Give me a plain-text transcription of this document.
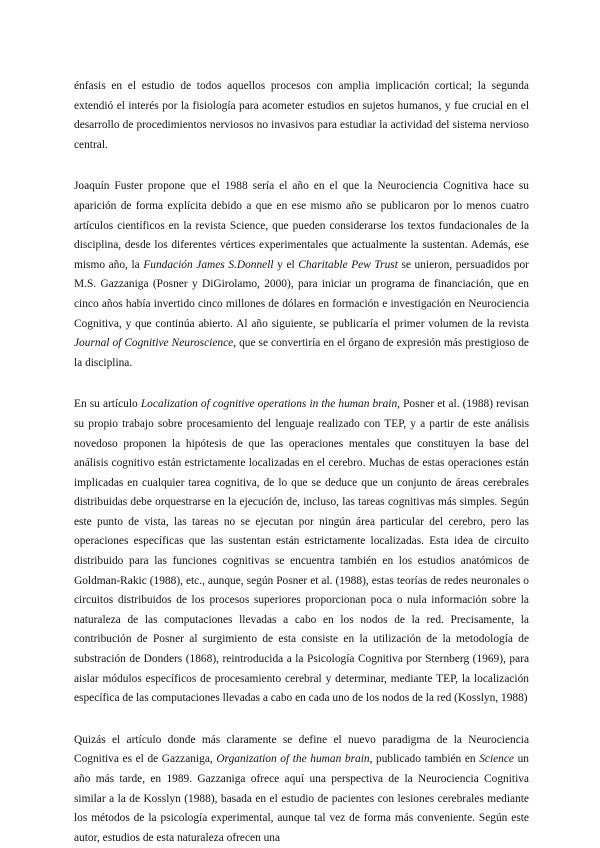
énfasis en el estudio de todos aquellos procesos con amplia implicación cortical; la segunda extendió el interés por la fisiología para acometer estudios en sujetos humanos, y fue crucial en el desarrollo de procedimientos nerviosos no invasivos para estudiar la actividad del sistema nervioso central.

Joaquín Fuster propone que el 1988 sería el año en el que la Neurociencia Cognitiva hace su aparición de forma explícita debido a que en ese mismo año se publicaron por lo menos cuatro artículos científicos en la revista Science, que pueden considerarse los textos fundacionales de la disciplina, desde los diferentes vértices experimentales que actualmente la sustentan. Además, ese mismo año, la Fundación James S.Donnell y el Charitable Pew Trust se unieron, persuadidos por M.S. Gazzaniga (Posner y DiGirolamo, 2000), para iniciar un programa de financiación, que en cinco años había invertido cinco millones de dólares en formación e investigación en Neurociencia Cognitiva, y que continúa abierto. Al año siguiente, se publicaría el primer volumen de la revista Journal of Cognitive Neuroscience, que se convertiría en el órgano de expresión más prestigioso de la disciplina.

En su artículo Localization of cognitive operations in the human brain, Posner et al. (1988) revisan su propio trabajo sobre procesamiento del lenguaje realizado con TEP, y a partir de este análisis novedoso proponen la hipótesis de que las operaciones mentales que constituyen la base del análisis cognitivo están estrictamente localizadas en el cerebro. Muchas de estas operaciones están implicadas en cualquier tarea cognitiva, de lo que se deduce que un conjunto de áreas cerebrales distribuidas debe orquestrarse en la ejecución de, incluso, las tareas cognitivas más simples. Según este punto de vista, las tareas no se ejecutan por ningún área particular del cerebro, pero las operaciones específicas que las sustentan están estrictamente localizadas. Esta idea de circuito distribuido para las funciones cognitivas se encuentra también en los estudios anatómicos de Goldman-Rakic (1988), etc., aunque, según Posner et al. (1988), estas teorías de redes neuronales o circuitos distribuidos de los procesos superiores proporcionan poca o nula información sobre la naturaleza de las computaciones llevadas a cabo en los nodos de la red. Precisamente, la contribución de Posner al surgimiento de esta consiste en la utilización de la metodología de substración de Donders (1868), reintroducida a la Psicología Cognitiva por Sternberg (1969), para aislar módulos específicos de procesamiento cerebral y determinar, mediante TEP, la localización específica de las computaciones llevadas a cabo en cada uno de los nodos de la red (Kosslyn, 1988)

Quizás el artículo donde más claramente se define el nuevo paradigma de la Neurociencia Cognitiva es el de Gazzaniga, Organization of the human brain, publicado también en Science un año más tarde, en 1989. Gazzaniga ofrece aquí una perspectiva de la Neurociencia Cognitiva similar a la de Kosslyn (1988), basada en el estudio de pacientes con lesiones cerebrales mediante los métodos de la psicología experimental, aunque tal vez de forma más conveniente. Según este autor, estudios de esta naturaleza ofrecen una
